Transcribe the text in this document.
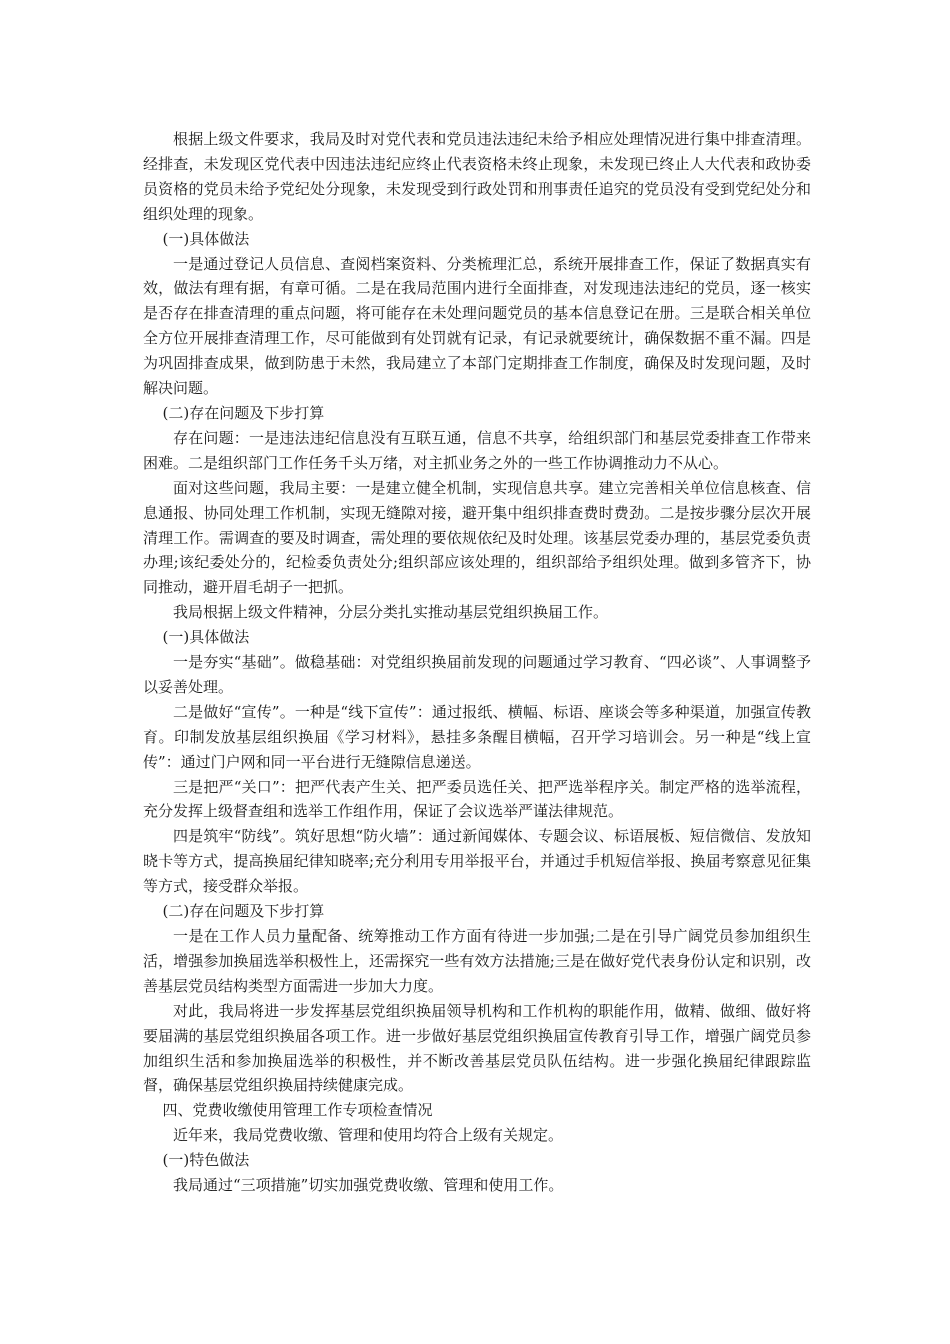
根据上级文件要求，我局及时对党代表和党员违法违纪未给予相应处理情况进行集中排查清理。经排查，未发现区党代表中因违法违纪应终止代表资格未终止现象，未发现已终止人大代表和政协委员资格的党员未给予党纪处分现象，未发现受到行政处罚和刑事责任追究的党员没有受到党纪处分和组织处理的现象。

(一)具体做法

一是通过登记人员信息、查阅档案资料、分类梳理汇总，系统开展排查工作，保证了数据真实有效，做法有理有据，有章可循。二是在我局范围内进行全面排查，对发现违法违纪的党员，逐一核实是否存在排查清理的重点问题，将可能存在未处理问题党员的基本信息登记在册。三是联合相关单位全方位开展排查清理工作，尽可能做到有处罚就有记录，有记录就要统计，确保数据不重不漏。四是为巩固排查成果，做到防患于未然，我局建立了本部门定期排查工作制度，确保及时发现问题，及时解决问题。

(二)存在问题及下步打算

存在问题：一是违法违纪信息没有互联互通，信息不共享，给组织部门和基层党委排查工作带来困难。二是组织部门工作任务千头万绪，对主抓业务之外的一些工作协调推动力不从心。

面对这些问题，我局主要：一是建立健全机制，实现信息共享。建立完善相关单位信息核查、信息通报、协同处理工作机制，实现无缝隙对接，避开集中组织排查费时费劲。二是按步骤分层次开展清理工作。需调查的要及时调查，需处理的要依规依纪及时处理。该基层党委办理的，基层党委负责办理;该纪委处分的，纪检委负责处分;组织部应该处理的，组织部给予组织处理。做到多管齐下，协同推动，避开眉毛胡子一把抓。

我局根据上级文件精神，分层分类扎实推动基层党组织换届工作。

(一)具体做法

一是夯实“基础”。做稳基础：对党组织换届前发现的问题通过学习教育、“四必谈”、人事调整予以妥善处理。

二是做好“宣传”。一种是“线下宣传”：通过报纸、横幅、标语、座谈会等多种渠道，加强宣传教育。印制发放基层组织换届《学习材料》，悬挂多条醒目横幅，召开学习培训会。另一种是“线上宣传”：通过门户网和同一平台进行无缝隙信息递送。

三是把严“关口”：把严代表产生关、把严委员选任关、把严选举程序关。制定严格的选举流程，充分发挥上级督查组和选举工作组作用，保证了会议选举严谨法律规范。

四是筑牢“防线”。筑好思想“防火墙”：通过新闻媒体、专题会议、标语展板、短信微信、发放知晓卡等方式，提高换届纪律知晓率;充分利用专用举报平台，并通过手机短信举报、换届考察意见征集等方式，接受群众举报。

(二)存在问题及下步打算

一是在工作人员力量配备、统筹推动工作方面有待进一步加强;二是在引导广阔党员参加组织生活，增强参加换届选举积极性上，还需探究一些有效方法措施;三是在做好党代表身份认定和识别，改善基层党员结构类型方面需进一步加大力度。

对此，我局将进一步发挥基层党组织换届领导机构和工作机构的职能作用，做精、做细、做好将要届满的基层党组织换届各项工作。进一步做好基层党组织换届宣传教育引导工作，增强广阔党员参加组织生活和参加换届选举的积极性，并不断改善基层党员队伍结构。进一步强化换届纪律跟踪监督，确保基层党组织换届持续健康完成。

四、党费收缴使用管理工作专项检查情况

近年来，我局党费收缴、管理和使用均符合上级有关规定。

(一)特色做法

我局通过“三项措施”切实加强党费收缴、管理和使用工作。
